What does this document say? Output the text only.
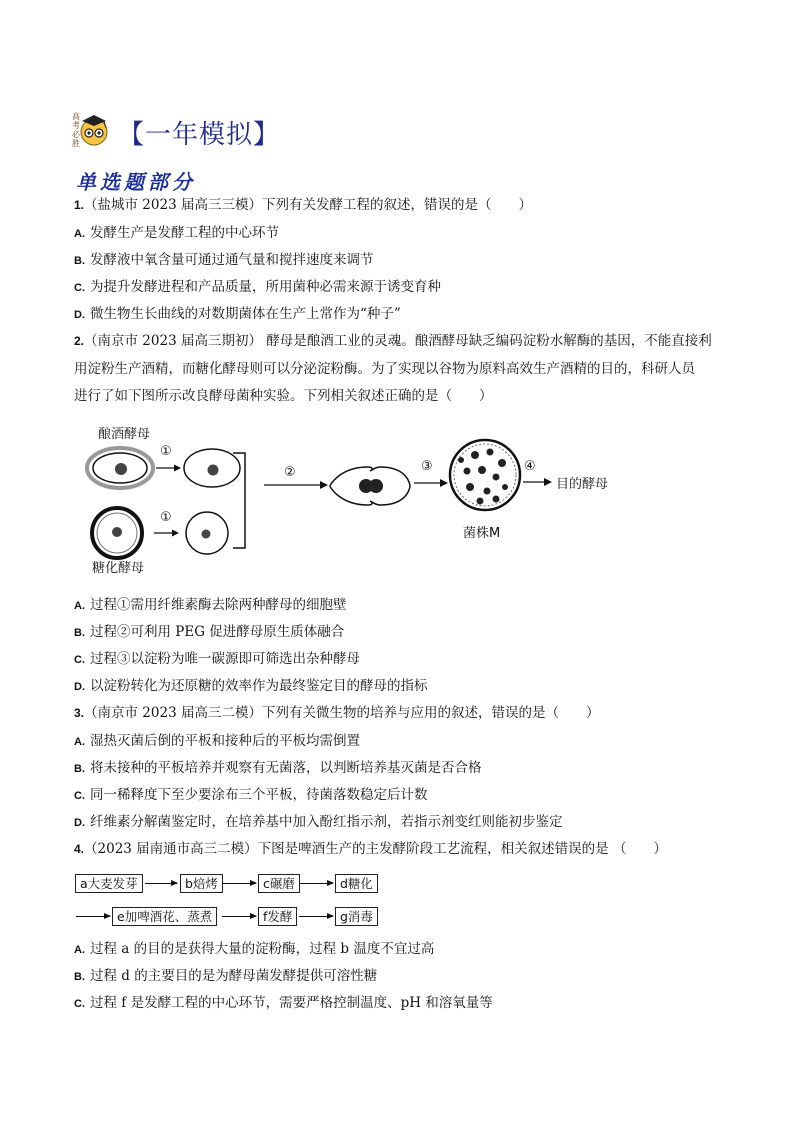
高考必胜 【一年模拟】
单选题部分
1.（盐城市 2023 届高三三模）下列有关发酵工程的叙述，错误的是（　　）
A. 发酵生产是发酵工程的中心环节
B. 发酵液中氧含量可通过通气量和搅拌速度来调节
C. 为提升发酵进程和产品质量，所用菌种必需来源于诱变育种
D. 微生物生长曲线的对数期菌体在生产上常作为“种子”
2.（南京市 2023 届高三期初） 酵母是酿酒工业的灵魂。酿酒酵母缺乏编码淀粉水解酶的基因，不能直接利
用淀粉生产酒精，而糖化酵母则可以分泌淀粉酶。为了实现以谷物为原料高效生产酒精的目的，科研人员
进行了如下图所示改良酵母菌种实验。下列相关叙述正确的是（　　）
酿酒酵母
糖化酵母
①
①
②	③	④
菌株M
目的酵母
A. 过程①需用纤维素酶去除两种酵母的细胞壁
B. 过程②可利用 PEG 促进酵母原生质体融合
C. 过程③以淀粉为唯一碳源即可筛选出杂种酵母
D. 以淀粉转化为还原糖的效率作为最终鉴定目的酵母的指标
3.（南京市 2023 届高三二模）下列有关微生物的培养与应用的叙述，错误的是（　　）
A. 湿热灭菌后倒的平板和接种后的平板均需倒置
B. 将未接种的平板培养并观察有无菌落，以判断培养基灭菌是否合格
C. 同一稀释度下至少要涂布三个平板，待菌落数稳定后计数
D. 纤维素分解菌鉴定时，在培养基中加入酚红指示剂，若指示剂变红则能初步鉴定
4.（2023 届南通市高三二模）下图是啤酒生产的主发酵阶段工艺流程，相关叙述错误的是 （　　）
a大麦发芽	b焙烤	c碾磨	d糖化
e加啤酒花、蒸煮	f发酵	g消毒
A. 过程 a 的目的是获得大量的淀粉酶，过程 b 温度不宜过高
B. 过程 d 的主要目的是为酵母菌发酵提供可溶性糖
C. 过程 f 是发酵工程的中心环节，需要严格控制温度、pH 和溶氧量等
